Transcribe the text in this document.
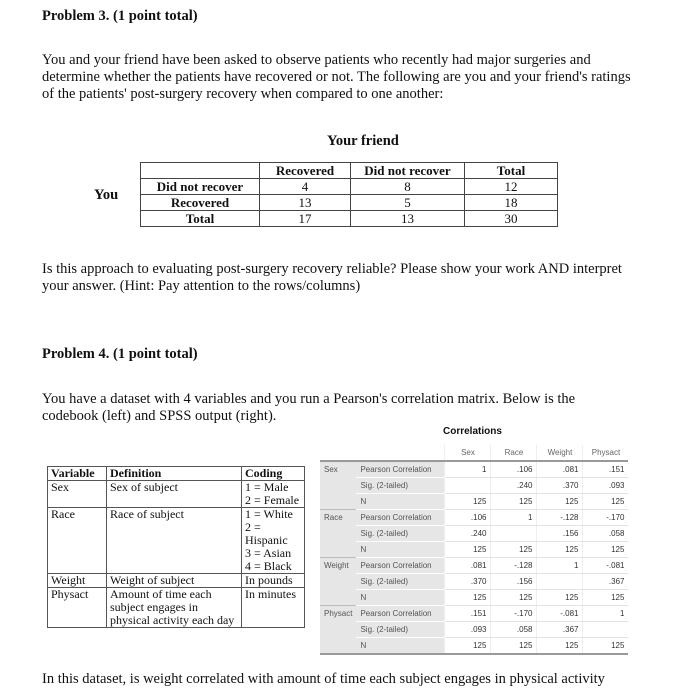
Problem 3. (1 point total)
You and your friend have been asked to observe patients who recently had major surgeries and determine whether the patients have recovered or not. The following are you and your friend's ratings of the patients' post-surgery recovery when compared to one another:
Your friend
You
	Recovered	Did not recover	Total
Did not recover	4	8	12
Recovered	13	5	18
Total	17	13	30
Is this approach to evaluating post-surgery recovery reliable? Please show your work AND interpret your answer. (Hint: Pay attention to the rows/columns)
Problem 4. (1 point total)
You have a dataset with 4 variables and you run a Pearson's correlation matrix. Below is the codebook (left) and SPSS output (right).
Variable	Definition	Coding
Sex	Sex of subject	1 = Male
2 = Female
Race	Race of subject	1 = White
2 = Hispanic
3 = Asian
4 = Black
Weight	Weight of subject	In pounds
Physact	Amount of time each subject engages in physical activity each day	In minutes
Correlations
		Sex	Race	Weight	Physact
Sex	Pearson Correlation	1	.106	.081	.151
	Sig. (2-tailed)		.240	.370	.093
	N	125	125	125	125
Race	Pearson Correlation	.106	1	-.128	-.170
	Sig. (2-tailed)	.240		.156	.058
	N	125	125	125	125
Weight	Pearson Correlation	.081	-.128	1	-.081
	Sig. (2-tailed)	.370	.156		.367
	N	125	125	125	125
Physact	Pearson Correlation	.151	-.170	-.081	1
	Sig. (2-tailed)	.093	.058	.367	
	N	125	125	125	125
In this dataset, is weight correlated with amount of time each subject engages in physical activity
